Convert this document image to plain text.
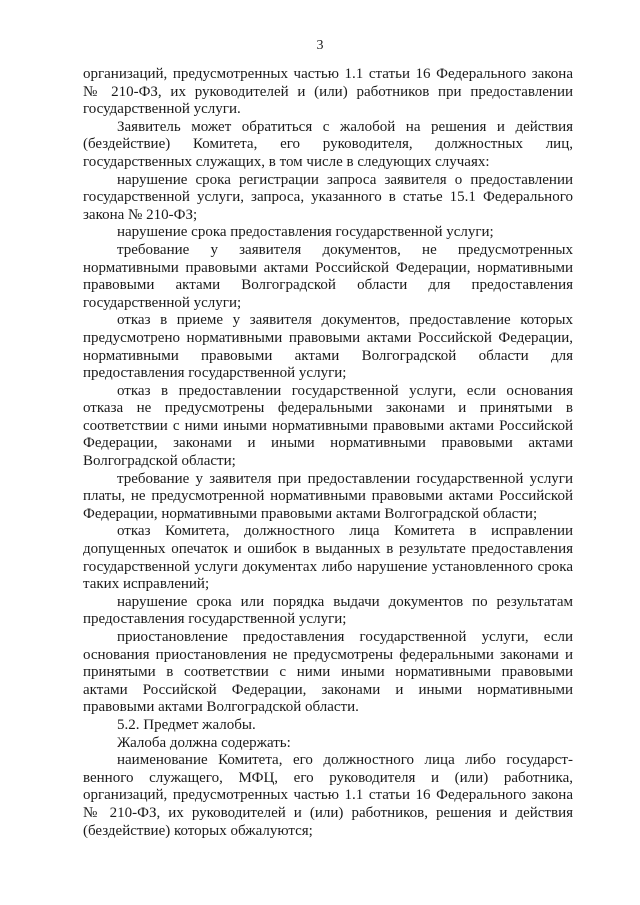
3

организаций, предусмотренных частью 1.1 статьи 16 Федерального закона № 210-ФЗ, их руководителей и (или) работников при предоставлении государственной услуги.

Заявитель может обратиться с жалобой на решения и действия (бездействие) Комитета, его руководителя, должностных лиц, государственных служащих, в том числе в следующих случаях:

нарушение срока регистрации запроса заявителя о предоставлении государственной услуги, запроса, указанного в статье 15.1 Федерального закона № 210-ФЗ;

нарушение срока предоставления государственной услуги;

требование у заявителя документов, не предусмотренных нормативными правовыми актами Российской Федерации, нормативными правовыми актами Волгоградской области для предоставления государственной услуги;

отказ в приеме у заявителя документов, предоставление которых предусмотрено нормативными правовыми актами Российской Федерации, нормативными правовыми актами Волгоградской области для предоставления государственной услуги;

отказ в предоставлении государственной услуги, если основания отказа не предусмотрены федеральными законами и принятыми в соответствии с ними иными нормативными правовыми актами Российской Федерации, законами и иными нормативными правовыми актами Волгоградской области;

требование у заявителя при предоставлении государственной услуги платы, не предусмотренной нормативными правовыми актами Российской Федерации, нормативными правовыми актами Волгоградской области;

отказ Комитета, должностного лица Комитета в исправлении допущенных опечаток и ошибок в выданных в результате предоставления государственной услуги документах либо нарушение установленного срока таких исправлений;

нарушение срока или порядка выдачи документов по результатам предоставления государственной услуги;

приостановление предоставления государственной услуги, если основания приостановления не предусмотрены федеральными законами и принятыми в соответствии с ними иными нормативными правовыми актами Российской Федерации, законами и иными нормативными правовыми актами Волгоградской области.

5.2. Предмет жалобы.

Жалоба должна содержать:

наименование Комитета, его должностного лица либо государст-венного служащего, МФЦ, его руководителя и (или) работника, организаций, предусмотренных частью 1.1 статьи 16 Федерального закона № 210-ФЗ, их руководителей и (или) работников, решения и действия (бездействие) которых обжалуются;
